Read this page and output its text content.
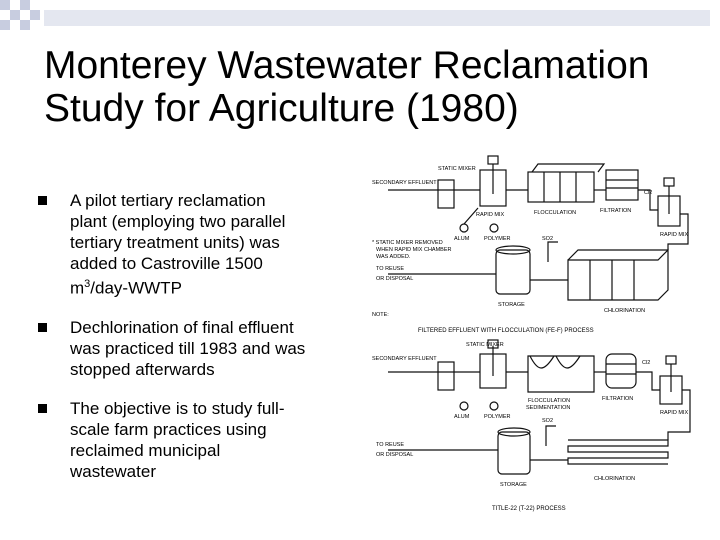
Monterey Wastewater Reclamation
Study for Agriculture (1980)
A pilot tertiary reclamation
plant (employing two parallel
tertiary treatment units) was
added to Castroville 1500
$m^3/day$-WWTP
Dechlorination of final effluent
was practiced till 1983 and was
stopped afterwards
The objective is to study full-
scale farm practices using
reclaimed municipal
wastewater
STATIC MIXER
SECONDARY EFFLUENT
RAPID MIX	FLOCCULATION	FILTRATION
RAPID MIX
ALUM	POLYMER
* STATIC MIXER REMOVED
WHEN RAPID MIX CHAMBER
WAS ADDED.
TO REUSE
OR DISPOSAL
SO2
Cl2
STORAGE
CHLORINATION
NOTE:
FILTERED EFFLUENT WITH FLOCCULATION (FE-F) PROCESS
SECONDARY EFFLUENT
STATIC MIXER
ALUM	POLYMER
FLOCCULATION
SEDIMENTATION
FILTRATION
RAPID MIX
TO REUSE
OR DISPOSAL
SO2
Cl2
STORAGE
CHLORINATION
TITLE-22 (T-22) PROCESS
